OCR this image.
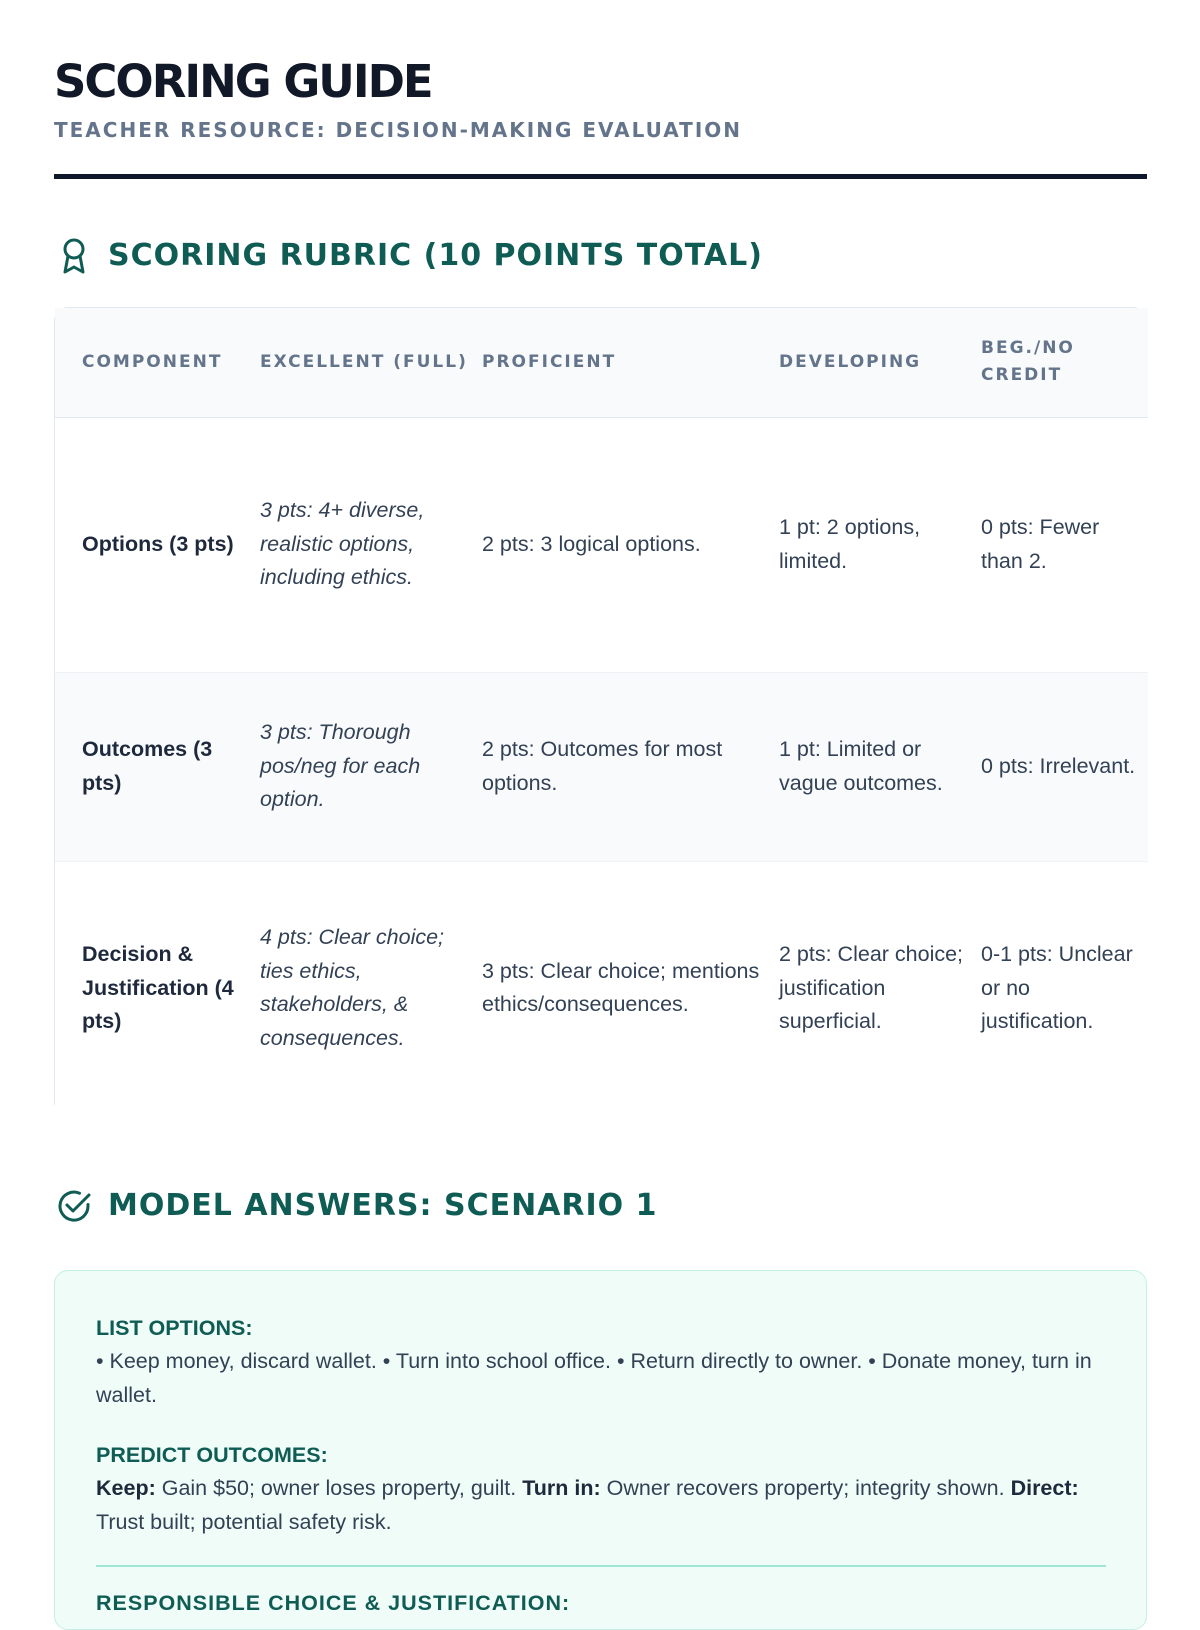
SCORING GUIDE
TEACHER RESOURCE: DECISION-MAKING EVALUATION
SCORING RUBRIC (10 POINTS TOTAL)
COMPONENT	EXCELLENT (FULL)	PROFICIENT	DEVELOPING	BEG./NO CREDIT
Options (3 pts)	3 pts: 4+ diverse, realistic options, including ethics.	2 pts: 3 logical options.	1 pt: 2 options, limited.	0 pts: Fewer than 2.
Outcomes (3 pts)	3 pts: Thorough pos/neg for each option.	2 pts: Outcomes for most options.	1 pt: Limited or vague outcomes.	0 pts: Irrelevant.
Decision & Justification (4 pts)	4 pts: Clear choice; ties ethics, stakeholders, & consequences.	3 pts: Clear choice; mentions ethics/consequences.	2 pts: Clear choice; justification superficial.	0-1 pts: Unclear or no justification.
MODEL ANSWERS: SCENARIO 1
LIST OPTIONS:
• Keep money, discard wallet. • Turn into school office. • Return directly to owner. • Donate money, turn in wallet.
PREDICT OUTCOMES:
Keep: Gain $50; owner loses property, guilt. Turn in: Owner recovers property; integrity shown. Direct: Trust built; potential safety risk.
RESPONSIBLE CHOICE & JUSTIFICATION:
